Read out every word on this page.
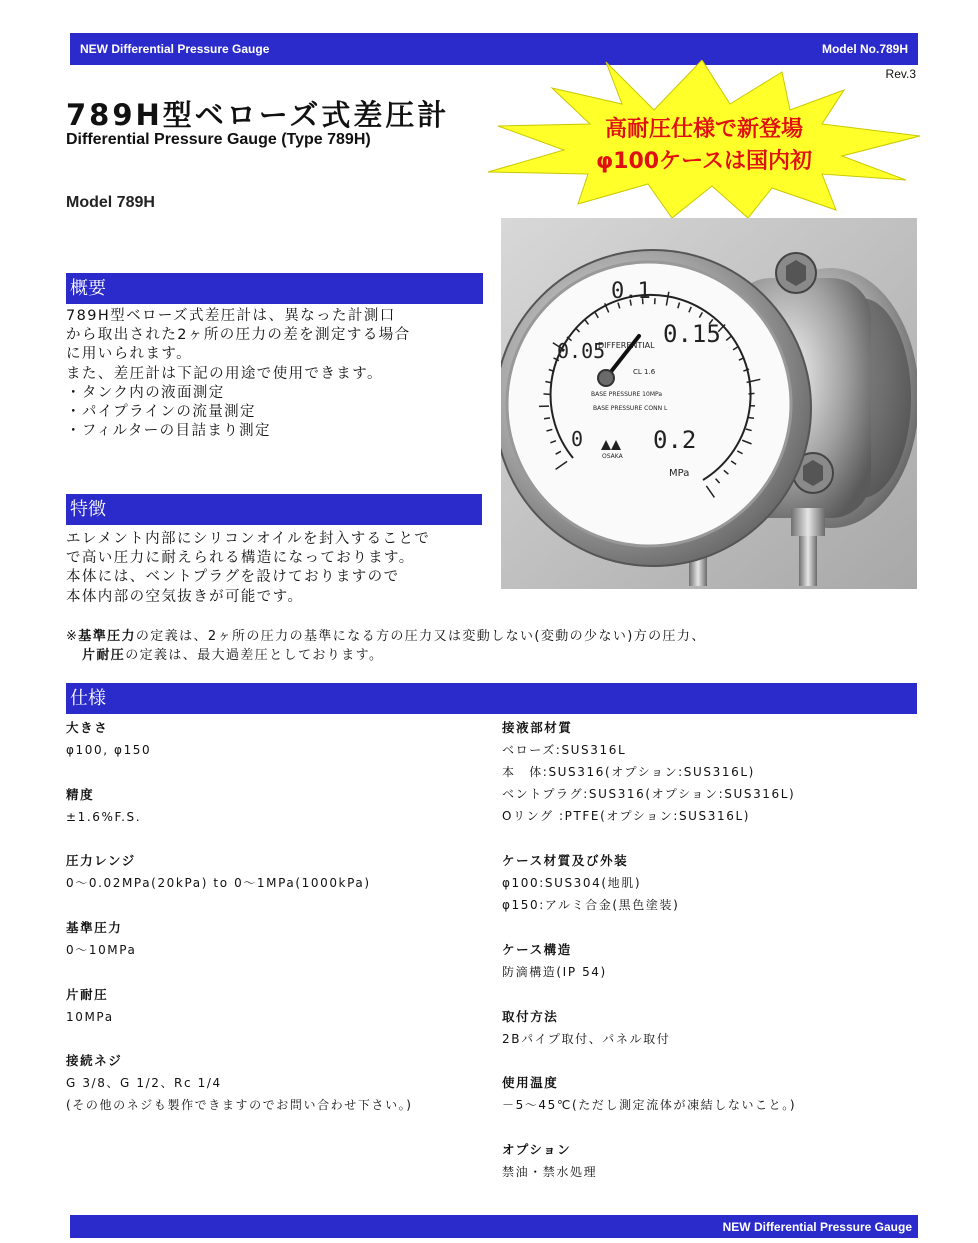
NEW Differential Pressure Gauge	Model No.789H
Rev.3
789H型ベローズ式差圧計
Differential Pressure Gauge (Type 789H)
Model 789H
高耐圧仕様で新登場
φ100ケースは国内初
0
0.05
0.1
0.15
0.2
DIFFERENTIAL
CL 1.6
BASE PRESSURE 10MPa
BASE PRESSURE CONN L
OSAKA
MPa
概要
789H型ベローズ式差圧計は、異なった計測口
から取出された2ヶ所の圧力の差を測定する場合
に用いられます。
また、差圧計は下記の用途で使用できます。
・タンク内の液面測定
・パイプラインの流量測定
・フィルターの目詰まり測定
特徴
エレメント内部にシリコンオイルを封入することで
で高い圧力に耐えられる構造になっております。
本体には、ベントプラグを設けておりますので
本体内部の空気抜きが可能です。
※基準圧力の定義は、2ヶ所の圧力の基準になる方の圧力又は変動しない(変動の少ない)方の圧力、
片耐圧の定義は、最大過差圧としております。
仕様
大きさ
φ100, φ150
精度
±1.6%F.S.
圧力レンジ
0～0.02MPa(20kPa) to 0～1MPa(1000kPa)
基準圧力
0～10MPa
片耐圧
10MPa
接続ネジ
G 3/8、G 1/2、Rc 1/4
(その他のネジも製作できますのでお問い合わせ下さい。)
接液部材質
ベローズ:SUS316L
本　体:SUS316(オプション:SUS316L)
ベントプラグ:SUS316(オプション:SUS316L)
Oリング :PTFE(オプション:SUS316L)
ケース材質及び外装
φ100:SUS304(地肌)
φ150:アルミ合金(黒色塗装)
ケース構造
防滴構造(IP 54)
取付方法
2Bパイプ取付、パネル取付
使用温度
－5～45℃(ただし測定流体が凍結しないこと。)
オプション
禁油・禁水処理
NEW Differential Pressure Gauge
